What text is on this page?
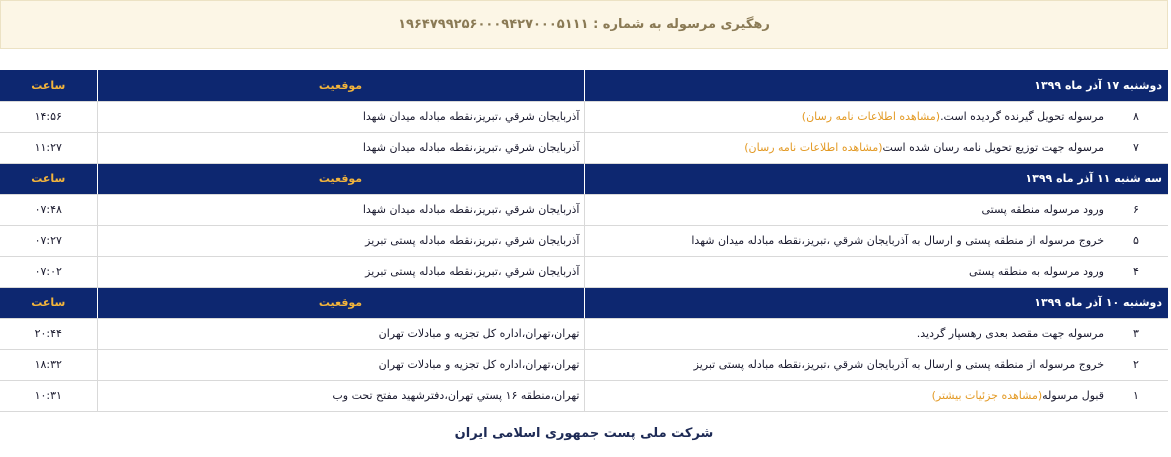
رهگیری مرسوله به شماره : ۱۹۶۴۷۹۹۲۵۶۰۰۰۹۴۲۷۰۰۰۵۱۱۱
دوشنبه ۱۷ آذر ماه ۱۳۹۹	موقعیت	ساعت

۸
مرسوله تحویل گیرنده گردیده است.(مشاهده اطلاعات نامه رسان)	آذربايجان شرقي ،تبريز،نقطه مبادله میدان شهدا	۱۴:۵۶

۷
مرسوله جهت توزیع تحویل نامه رسان شده است(مشاهده اطلاعات نامه رسان)	آذربايجان شرقي ،تبريز،نقطه مبادله میدان شهدا	۱۱:۲۷
سه شنبه ۱۱ آذر ماه ۱۳۹۹	موقعیت	ساعت

۶
ورود مرسوله منطقه پستی	آذربايجان شرقي ،تبريز،نقطه مبادله میدان شهدا	۰۷:۴۸

۵
خروج مرسوله از منطقه پستی و ارسال به آذربايجان شرقي ،تبريز،نقطه مبادله میدان شهدا	آذربايجان شرقي ،تبريز،نقطه مبادله پستی تبریز	۰۷:۲۷

۴
ورود مرسوله به منطقه پستی	آذربايجان شرقي ،تبريز،نقطه مبادله پستی تبریز	۰۷:۰۲
دوشنبه ۱۰ آذر ماه ۱۳۹۹	موقعیت	ساعت

۳
مرسوله جهت مقصد بعدی رهسپار گردید.	تهران،تهران،اداره کل تجزیه و مبادلات تهران	۲۰:۴۴

۲
خروج مرسوله از منطقه پستی و ارسال به آذربايجان شرقي ،تبريز،نقطه مبادله پستی تبریز	تهران،تهران،اداره کل تجزیه و مبادلات تهران	۱۸:۳۲

۱
قبول مرسوله(مشاهده جزئیات بیشتر)	تهران،منطقه ۱۶ پستي تهران،دفترشهید مفتح تحت وب	۱۰:۳۱
شرکت ملی پست جمهوری اسلامی ایران
